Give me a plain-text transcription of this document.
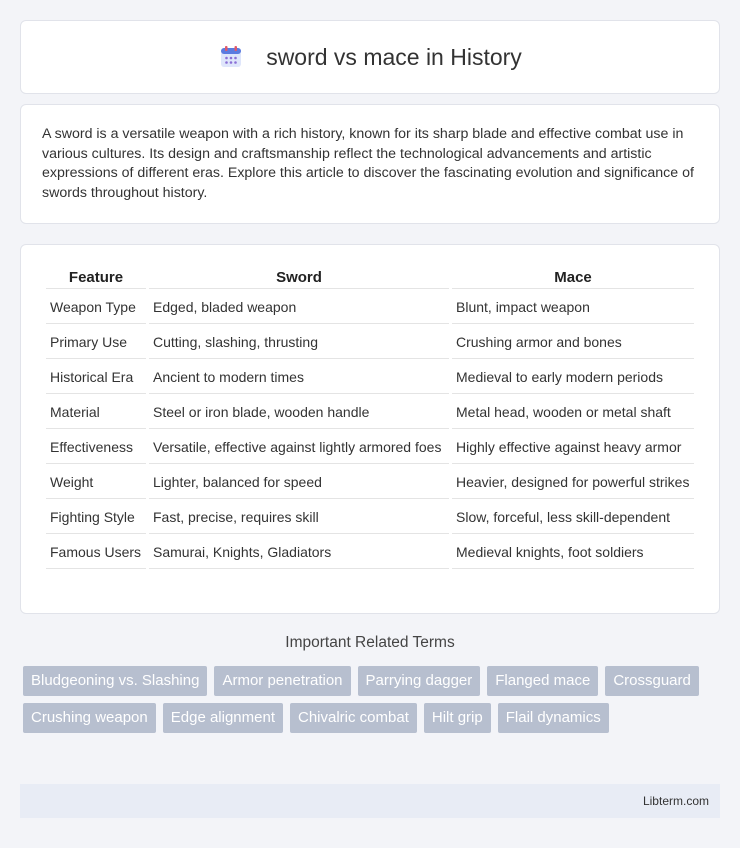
sword vs mace in History

A sword is a versatile weapon with a rich history, known for its sharp blade and effective combat use in various cultures. Its design and craftsmanship reflect the technological advancements and artistic expressions of different eras. Explore this article to discover the fascinating evolution and significance of swords throughout history.

Feature	Sword	Mace
Weapon Type	Edged, bladed weapon	Blunt, impact weapon
Primary Use	Cutting, slashing, thrusting	Crushing armor and bones
Historical Era	Ancient to modern times	Medieval to early modern periods
Material	Steel or iron blade, wooden handle	Metal head, wooden or metal shaft
Effectiveness	Versatile, effective against lightly armored foes	Highly effective against heavy armor
Weight	Lighter, balanced for speed	Heavier, designed for powerful strikes
Fighting Style	Fast, precise, requires skill	Slow, forceful, less skill-dependent
Famous Users	Samurai, Knights, Gladiators	Medieval knights, foot soldiers
Important Related Terms
Bludgeoning vs. Slashing	Armor penetration	Parrying dagger	Flanged mace	Crossguard
Crushing weapon	Edge alignment	Chivalric combat	Hilt grip	Flail dynamics
Libterm.com
